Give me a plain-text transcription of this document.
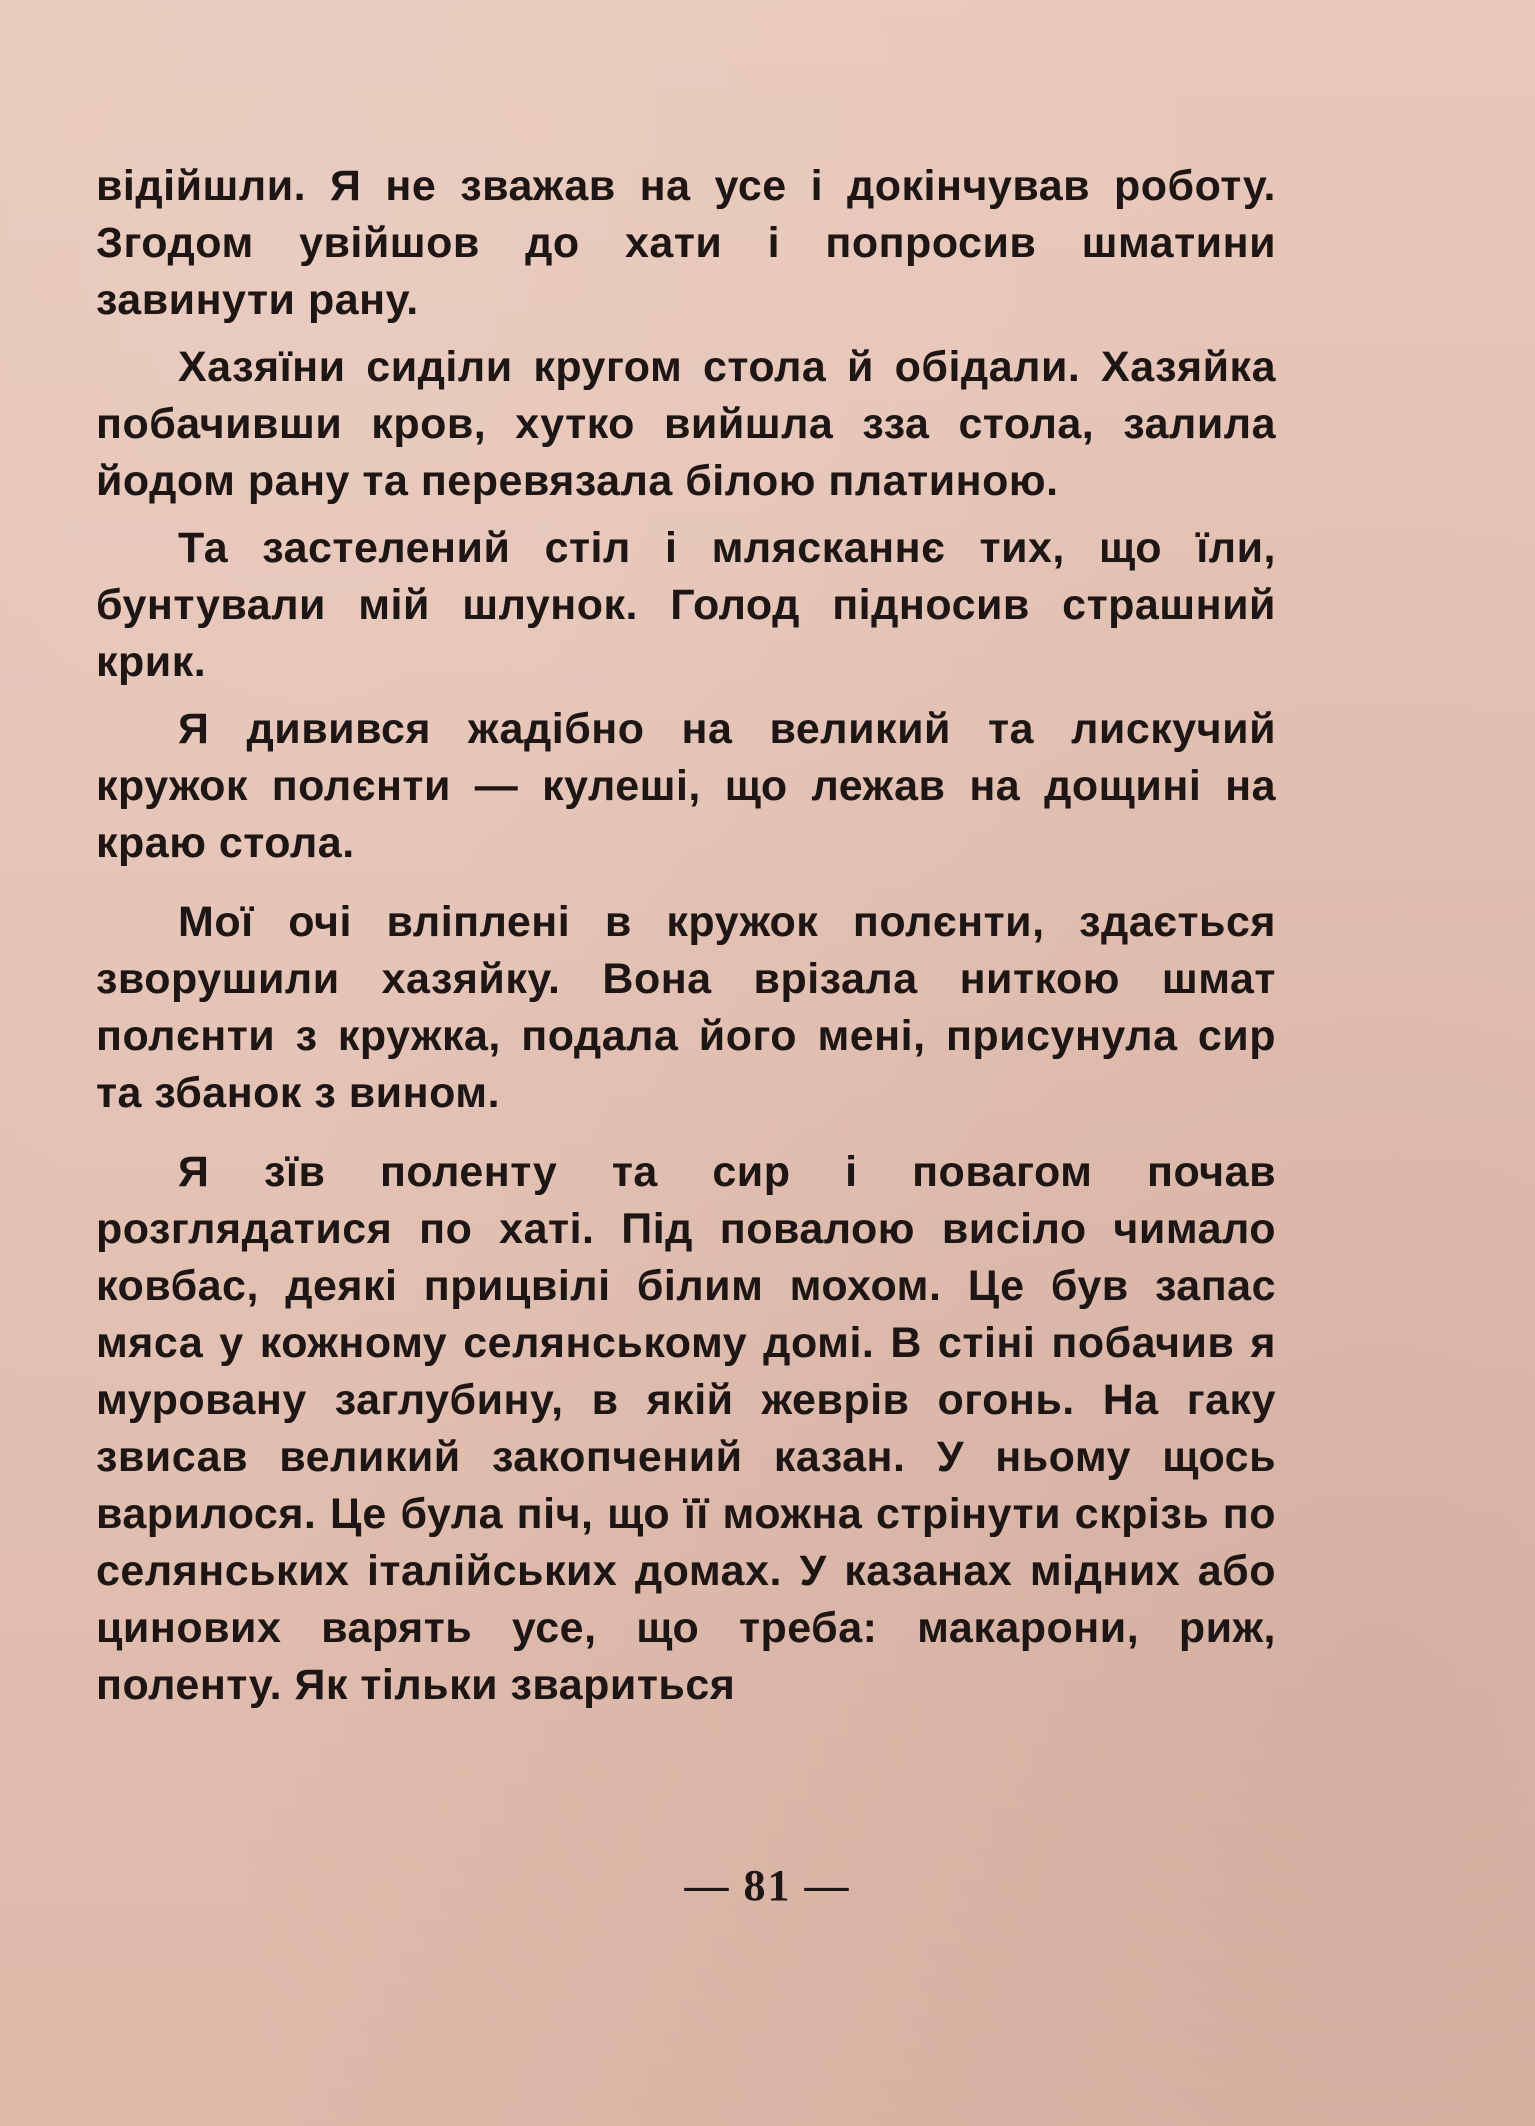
відійшли. Я не зважав на усе і докінчував роботу. Згодом увійшов до хати і попросив шматини завинути рану.

Хазяїни сиділи кругом стола й обідали. Хазяйка побачивши кров, хутко вийшла зза стола, залила йодом рану та перевязала білою платиною.

Та застелений стіл і млясканнє тих, що їли, бунтували мій шлунок. Голод підносив страшний крик.

Я дивився жадібно на великий та лискучий кружок полєнти — кулеші, що лежав на дощині на краю стола.

Мої очі вліплені в кружок полєнти, здається зворушили хазяйку. Вона врізала ниткою шмат полєнти з кружка, подала його мені, присунула сир та збанок з вином.

Я зїв поленту та сир і повагом почав розглядатися по хаті. Під повалою висіло чимало ковбас, деякі прицвілі білим мохом. Це був запас мяса у кожному селянському домі. В стіні побачив я муровану заглубину, в якій жеврів огонь. На гаку звисав великий закопчений казан. У ньому щось варилося. Це була піч, що її можна стрінути скрізь по селянських італійських домах. У казанах мідних або цинових варять усе, що треба: макарони, риж, поленту. Як тільки звариться

— 81 —
